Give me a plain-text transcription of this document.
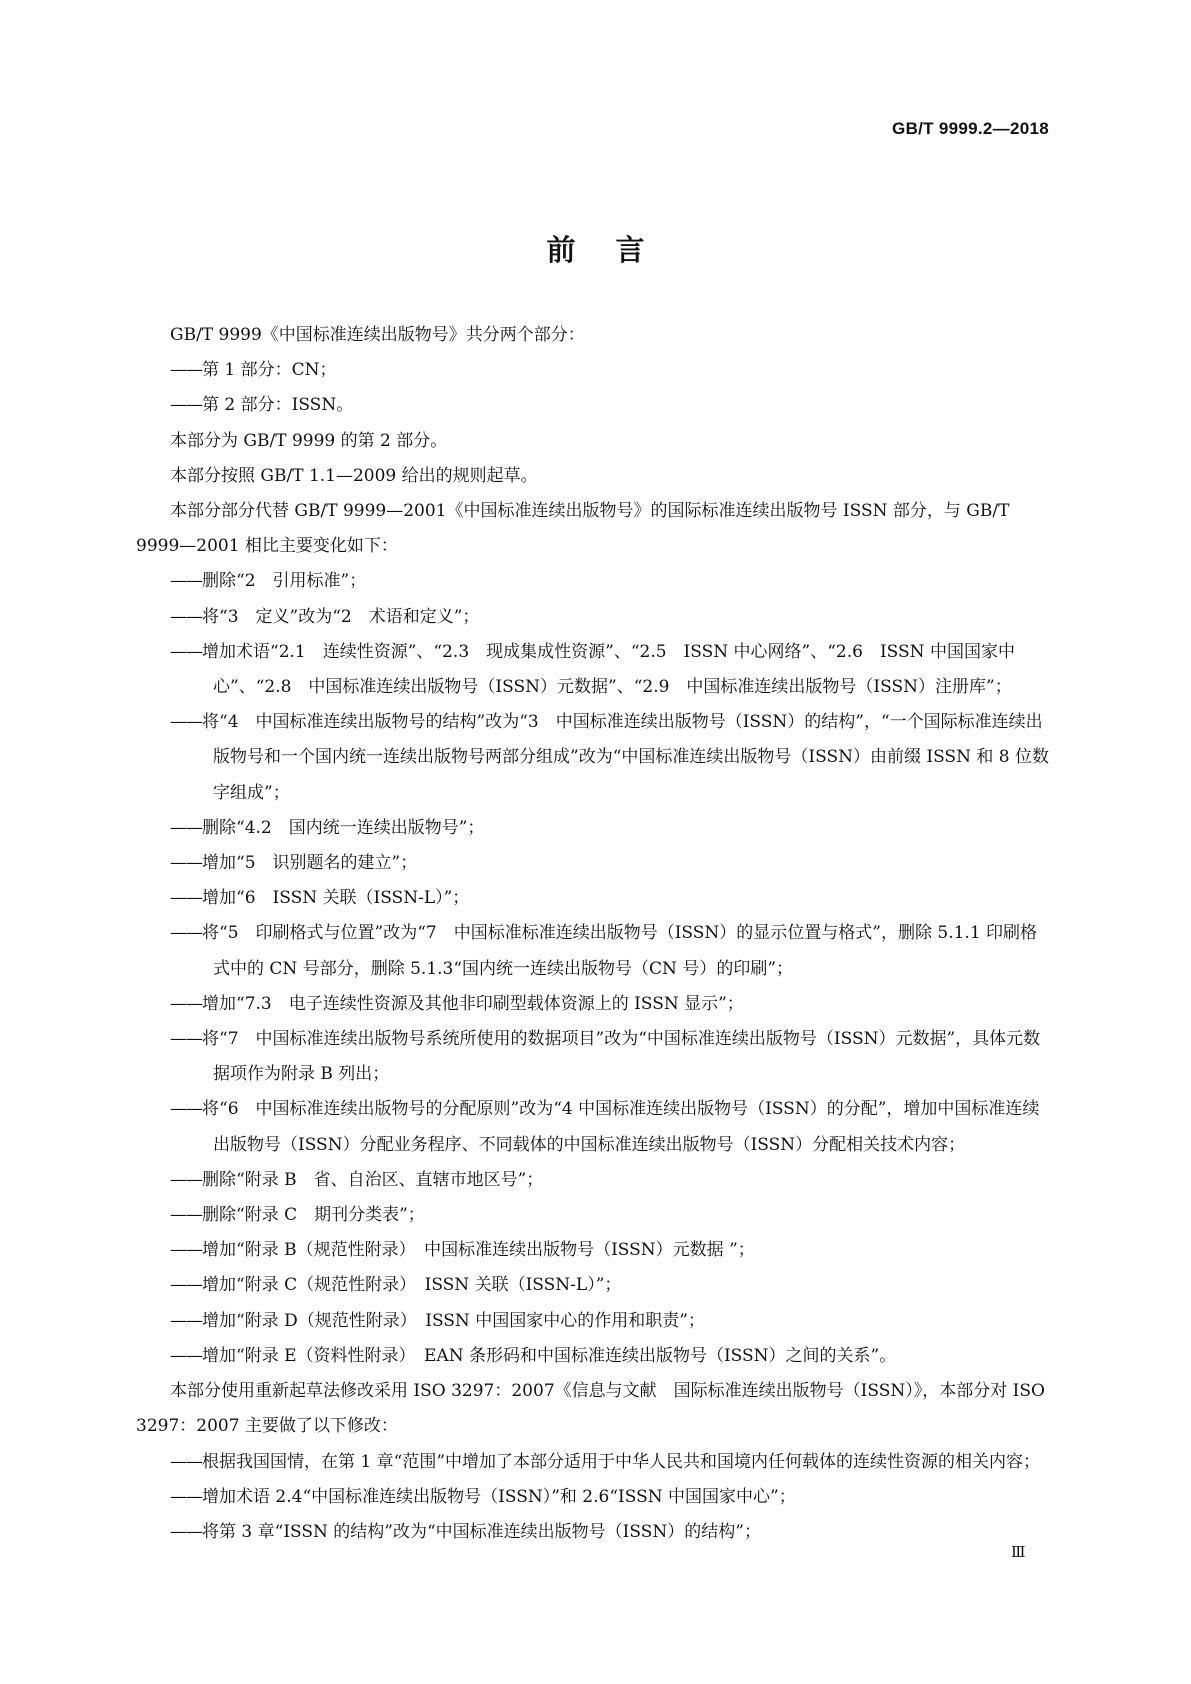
GB/T 9999.2—2018
前言

GB/T 9999《中国标准连续出版物号》共分两个部分：

——第 1 部分：CN；

——第 2 部分：ISSN。

本部分为 GB/T 9999 的第 2 部分。

本部分按照 GB/T 1.1—2009 给出的规则起草。

本部分部分代替 GB/T 9999—2001《中国标准连续出版物号》的国际标准连续出版物号 ISSN 部分，与 GB/T 9999—2001 相比主要变化如下：

——删除“2　引用标准”；

——将“3　定义”改为“2　术语和定义”；

——增加术语“2.1　连续性资源”、“2.3　现成集成性资源”、“2.5　ISSN 中心网络”、“2.6　ISSN 中国国家中心”、“2.8　中国标准连续出版物号（ISSN）元数据”、“2.9　中国标准连续出版物号（ISSN）注册库”；

——将“4　中国标准连续出版物号的结构”改为“3　中国标准连续出版物号（ISSN）的结构”，“一个国际标准连续出版物号和一个国内统一连续出版物号两部分组成”改为“中国标准连续出版物号（ISSN）由前缀 ISSN 和 8 位数字组成”；

——删除“4.2　国内统一连续出版物号”；

——增加“5　识别题名的建立”；

——增加“6　ISSN 关联（ISSN-L）”；

——将“5　印刷格式与位置”改为“7　中国标准标准连续出版物号（ISSN）的显示位置与格式”，删除 5.1.1 印刷格式中的 CN 号部分，删除 5.1.3“国内统一连续出版物号（CN 号）的印刷”；

——增加“7.3　电子连续性资源及其他非印刷型载体资源上的 ISSN 显示”；

——将“7　中国标准连续出版物号系统所使用的数据项目”改为“中国标准连续出版物号（ISSN）元数据”，具体元数据项作为附录 B 列出；

——将“6　中国标准连续出版物号的分配原则”改为“4 中国标准连续出版物号（ISSN）的分配”，增加中国标准连续出版物号（ISSN）分配业务程序、不同载体的中国标准连续出版物号（ISSN）分配相关技术内容；

——删除“附录 B　省、自治区、直辖市地区号”；

——删除“附录 C　期刊分类表”；

——增加“附录 B（规范性附录）　中国标准连续出版物号（ISSN）元数据 ”；

——增加“附录 C（规范性附录）　ISSN 关联（ISSN-L）”；

——增加“附录 D（规范性附录）　ISSN 中国国家中心的作用和职责”；

——增加“附录 E（资料性附录）　EAN 条形码和中国标准连续出版物号（ISSN）之间的关系”。

本部分使用重新起草法修改采用 ISO 3297：2007《信息与文献　国际标准连续出版物号（ISSN）》，本部分对 ISO 3297：2007 主要做了以下修改：

——根据我国国情，在第 1 章“范围”中增加了本部分适用于中华人民共和国境内任何载体的连续性资源的相关内容；

——增加术语 2.4“中国标准连续出版物号（ISSN）”和 2.6“ISSN 中国国家中心”；

——将第 3 章“ISSN 的结构”改为“中国标准连续出版物号（ISSN）的结构”；

Ⅲ
